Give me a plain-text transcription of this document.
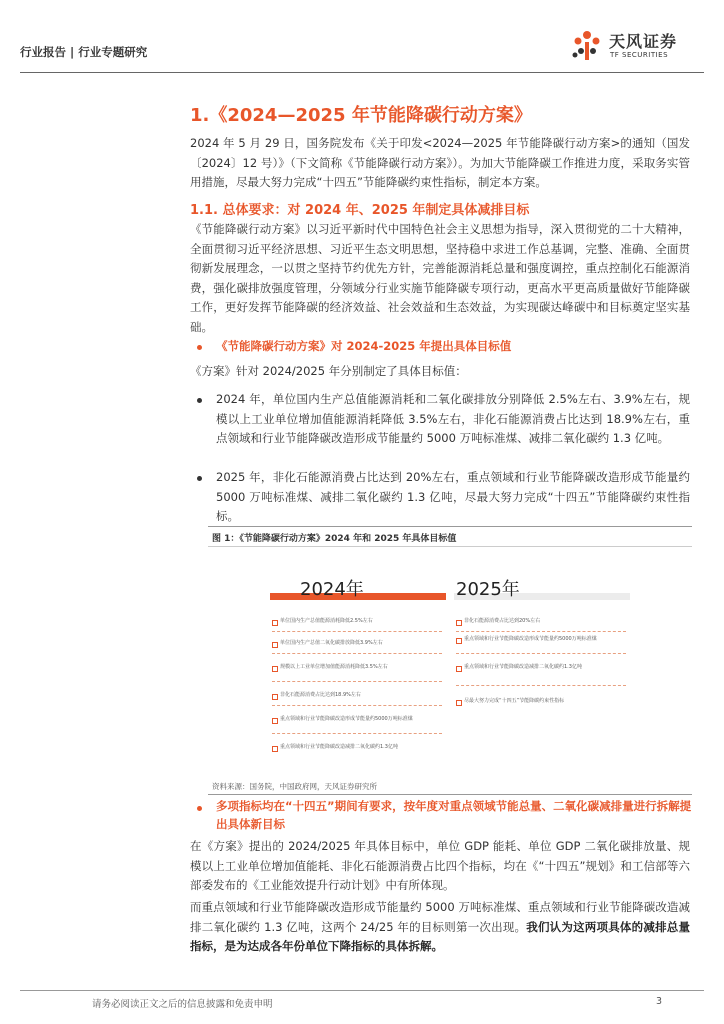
行业报告 | 行业专题研究
天风证券
TF SECURITIES
1.《2024—2025 年节能降碳行动方案》

2024 年 5 月 29 日，国务院发布《关于印发<2024—2025 年节能降碳行动方案>的通知（国发〔2024〕12 号）》（下文简称《节能降碳行动方案》）。为加大节能降碳工作推进力度，采取务实管用措施，尽最大努力完成“十四五”节能降碳约束性指标，制定本方案。

1.1. 总体要求：对 2024 年、2025 年制定具体减排目标

《节能降碳行动方案》以习近平新时代中国特色社会主义思想为指导，深入贯彻党的二十大精神，全面贯彻习近平经济思想、习近平生态文明思想，坚持稳中求进工作总基调，完整、准确、全面贯彻新发展理念，一以贯之坚持节约优先方针，完善能源消耗总量和强度调控，重点控制化石能源消费，强化碳排放强度管理，分领域分行业实施节能降碳专项行动，更高水平更高质量做好节能降碳工作，更好发挥节能降碳的经济效益、社会效益和生态效益，为实现碳达峰碳中和目标奠定坚实基础。

《节能降碳行动方案》对 2024-2025 年提出具体目标值

《方案》针对 2024/2025 年分别制定了具体目标值：

2024 年，单位国内生产总值能源消耗和二氧化碳排放分别降低 2.5%左右、3.9%左右，规模以上工业单位增加值能源消耗降低 3.5%左右，非化石能源消费占比达到 18.9%左右，重点领域和行业节能降碳改造形成节能量约 5000 万吨标准煤、减排二氧化碳约 1.3 亿吨。

2025 年，非化石能源消费占比达到 20%左右，重点领域和行业节能降碳改造形成节能量约 5000 万吨标准煤、减排二氧化碳约 1.3 亿吨，尽最大努力完成“十四五”节能降碳约束性指标。

图 1：《节能降碳行动方案》2024 年和 2025 年具体目标值
2024年	2025年
单位国内生产总值能源消耗降低2.5%左右
单位国内生产总值二氧化碳排放降低3.9%左右
规模以上工业单位增加值能源消耗降低3.5%左右
非化石能源消费占比达到18.9%左右
重点领域和行业节能降碳改造形成节能量约5000万吨标准煤
重点领域和行业节能降碳改造减排二氧化碳约1.3亿吨
非化石能源消费占比达到20%左右
重点领域和行业节能降碳改造形成节能量约5000万吨标准煤
重点领域和行业节能降碳改造减排二氧化碳约1.3亿吨
尽最大努力完成“十四五”节能降碳约束性指标
资料来源：国务院，中国政府网，天风证券研究所

多项指标均在“十四五”期间有要求，按年度对重点领域节能总量、二氧化碳减排量进行拆解提出具体新目标

在《方案》提出的 2024/2025 年具体目标中，单位 GDP 能耗、单位 GDP 二氧化碳排放量、规模以上工业单位增加值能耗、非化石能源消费占比四个指标，均在《“十四五”规划》和工信部等六部委发布的《工业能效提升行动计划》中有所体现。

而重点领域和行业节能降碳改造形成节能量约 5000 万吨标准煤、重点领域和行业节能降碳改造减排二氧化碳约 1.3 亿吨，这两个 24/25 年的目标则第一次出现。我们认为这两项具体的减排总量指标，是为达成各年份单位下降指标的具体拆解。

请务必阅读正文之后的信息披露和免责申明	3
